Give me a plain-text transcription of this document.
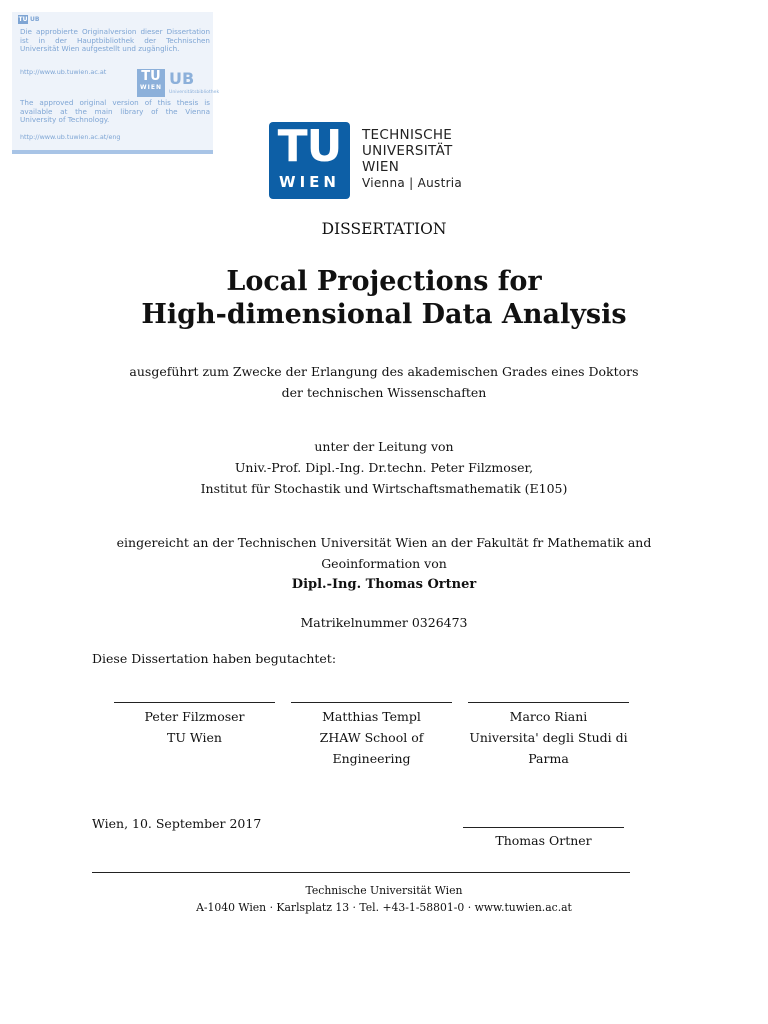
TU UB
Die approbierte Originalversion dieser Dissertation ist in der Hauptbibliothek der Technischen Universität Wien aufgestellt und zugänglich.
http://www.ub.tuwien.ac.at	TU
WIEN UB
Universitätsbibliothek
The approved original version of this thesis is available at the main library of the Vienna University of Technology.
http://www.ub.tuwien.ac.at/eng	TU
WIEN
TECHNISCHE
UNIVERSITÄT
WIEN
Vienna | Austria
DISSERTATION
Local Projections for
High-dimensional Data Analysis
ausgeführt zum Zwecke der Erlangung des akademischen Grades eines Doktors
der technischen Wissenschaften
unter der Leitung von
Univ.-Prof. Dipl.-Ing. Dr.techn. Peter Filzmoser,
Institut für Stochastik und Wirtschaftsmathematik (E105)
eingereicht an der Technischen Universität Wien an der Fakultät fr Mathematik and
Geoinformation von
Dipl.-Ing. Thomas Ortner
Matrikelnummer 0326473
Diese Dissertation haben begutachtet:
Peter Filzmoser
TU Wien
Matthias Templ
ZHAW School of
Engineering
Marco Riani
Universita' degli Studi di
Parma
Wien, 10. September 2017
Thomas Ortner
Technische Universität Wien
A-1040 Wien · Karlsplatz 13 · Tel. +43-1-58801-0 · www.tuwien.ac.at
